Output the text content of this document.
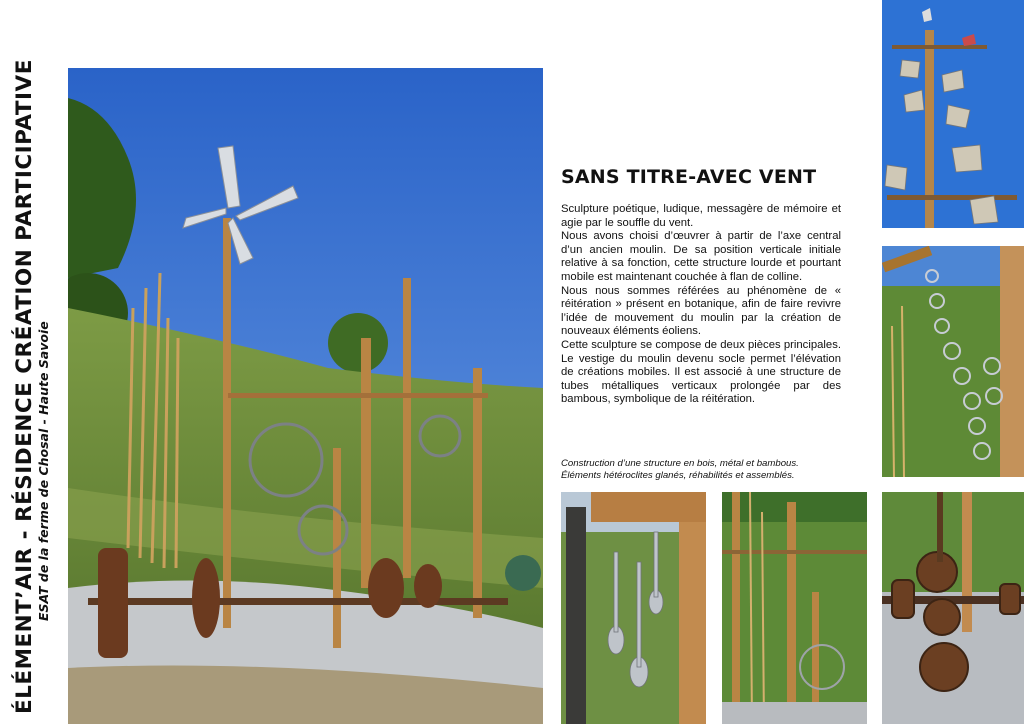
ÉLÉMENT’AIR - RÉSIDENCE CRÉATION PARTICIPATIVE ESAT de la ferme de Chosal - Haute Savoie
SANS TITRE-AVEC VENT

Sculpture poétique, ludique, messagère de mémoire et agie par le souffle du vent.

Nous avons choisi d’œuvrer à partir de l’axe central d’un ancien moulin. De sa position verticale initiale relative à sa fonction, cette structure lourde et pourtant mobile est maintenant couchée à flan de colline.

Nous nous sommes référées au phénomène de « réitération » présent en botanique, afin de faire revivre l’idée de mouvement du moulin par la création de nouveaux éléments éoliens.

Cette sculpture se compose de deux pièces principales. Le vestige du moulin devenu socle permet l’élévation de créations mobiles. Il est associé à une structure de tubes métalliques verticaux prolongée par des bambous, symbolique de la réitération.

Construction d’une structure en bois, métal et bambous.

Éléments hétéroclites glanés, réhabilités et assemblés.
